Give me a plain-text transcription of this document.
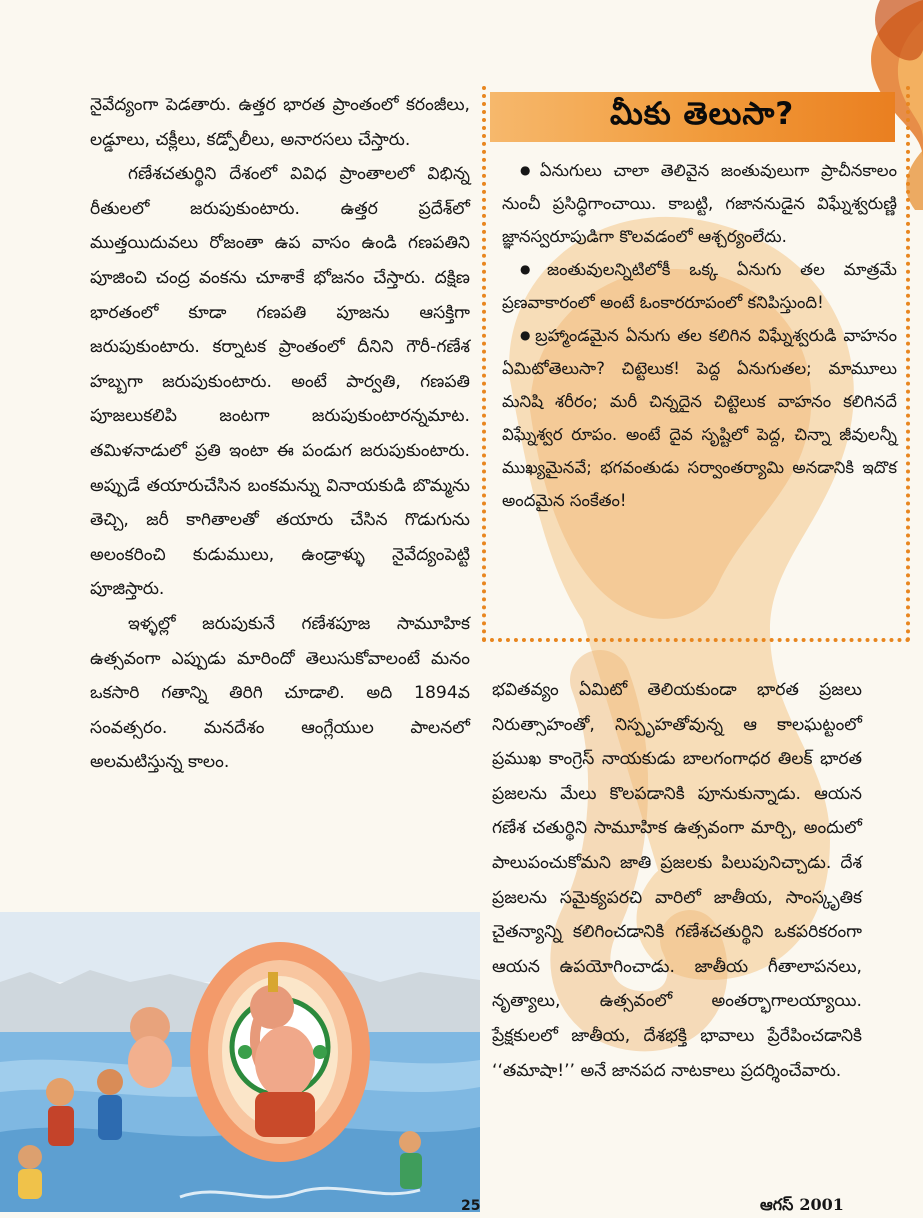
నైవేద్యంగా పెడతారు. ఉత్తర భారత ప్రాంతంలో కరంజీలు, లడ్డూలు, చక్లీలు, కడ్పోలీలు, అనారసలు చేస్తారు.

గణేశచతుర్థిని దేశంలో వివిధ ప్రాంతాలలో విభిన్న రీతులలో జరుపుకుంటారు. ఉత్తర ప్రదేశ్‌లో ముత్తయిదువలు రోజంతా ఉప వాసం ఉండి గణపతిని పూజించి చంద్ర వంకను చూశాకే భోజనం చేస్తారు. దక్షిణ భారతంలో కూడా గణపతి పూజను ఆసక్తిగా జరుపుకుంటారు. కర్నాటక ప్రాంతంలో దీనిని గౌరీ-గణేశ హబ్బగా జరుపుకుంటారు. అంటే పార్వతి, గణపతి పూజలుకలిపి జంటగా జరుపుకుంటారన్నమాట. తమిళనాడులో ప్రతి ఇంటా ఈ పండుగ జరుపుకుంటారు. అప్పుడే తయారుచేసిన బంకమన్ను వినాయకుడి బొమ్మను తెచ్చి, జరీ కాగితాలతో తయారు చేసిన గొడుగును అలంకరించి కుడుములు, ఉండ్రాళ్ళు నైవేద్యంపెట్టి పూజిస్తారు.

ఇళ్ళల్లో జరుపుకునే గణేశపూజ సామూహిక ఉత్సవంగా ఎప్పుడు మారిందో తెలుసుకోవాలంటే మనం ఒకసారి గతాన్ని తిరిగి చూడాలి. అది 1894వ సంవత్సరం. మనదేశం ఆంగ్లేయుల పాలనలో అలమటిస్తున్న కాలం.

మీకు తెలుసా?

● ఏనుగులు చాలా తెలివైన జంతువులుగా ప్రాచీనకాలం నుంచీ ప్రసిద్ధిగాంచాయి. కాబట్టి, గజాననుడైన విఘ్నేశ్వరుణ్ణి జ్ఞానస్వరూపుడిగా కొలవడంలో ఆశ్చర్యంలేదు.

● జంతువులన్నిటిలోకీ ఒక్క ఏనుగు తల మాత్రమే ప్రణవాకారంలో అంటే ఓంకారరూపంలో కనిపిస్తుంది!

● బ్రహ్మాండమైన ఏనుగు తల కలిగిన విఘ్నేశ్వరుడి వాహనం ఏమిటోతెలుసా? చిట్టెలుక! పెద్ద ఏనుగుతల; మామూలు మనిషి శరీరం; మరీ చిన్నదైన చిట్టెలుక వాహనం కలిగినదే విఘ్నేశ్వర రూపం. అంటే దైవ సృష్టిలో పెద్ద, చిన్నా జీవులన్నీ ముఖ్యమైనవే; భగవంతుడు సర్వాంతర్యామి అనడానికి ఇదొక అందమైన సంకేతం!

భవితవ్యం ఏమిటో తెలియకుండా భారత ప్రజలు నిరుత్సాహంతో, నిస్పృహతోవున్న ఆ కాలఘట్టంలో ప్రముఖ కాంగ్రెస్ నాయకుడు బాలగంగాధర తిలక్ భారత ప్రజలను మేలు కొలపడానికి పూనుకున్నాడు. ఆయన గణేశ చతుర్థిని సామూహిక ఉత్సవంగా మార్చి, అందులో పాలుపంచుకోమని జాతి ప్రజలకు పిలుపునిచ్చాడు. దేశ ప్రజలను సమైక్యపరచి వారిలో జాతీయ, సాంస్కృతిక చైతన్యాన్ని కలిగించడానికి గణేశచతుర్థిని ఒకపరికరంగా ఆయన ఉపయోగించాడు. జాతీయ గీతాలాపనలు, నృత్యాలు, ఉత్సవంలో అంతర్భాగాలయ్యాయి. ప్రేక్షకులలో జాతీయ, దేశభక్తి భావాలు ప్రేరేపించడానికి ‘‘తమాషా!’’ అనే జానపద నాటకాలు ప్రదర్శించేవారు.

25	ఆగస్ 2001
